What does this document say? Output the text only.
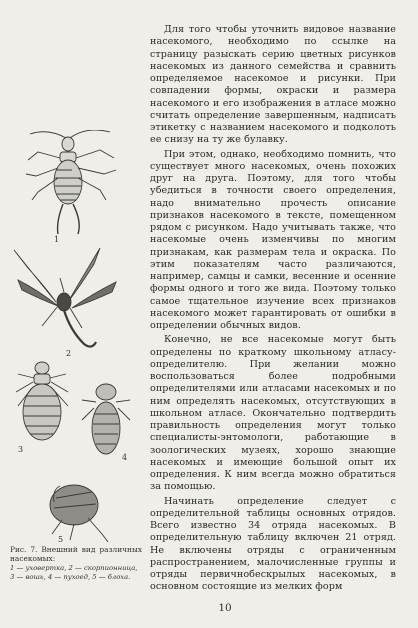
Для того чтобы уточнить видовое название насекомого, необходимо по ссылке на страницу разыскать серию цветных рисунков насекомых из данного семейства и сравнить определяемое насекомое и рисунки. При совпадении формы, окраски и размера насекомого и его изображения в атласе можно считать определение завершенным, надписать этикетку с названием насекомого и подколоть ее снизу на ту же булавку.

При этом, однако, необходимо помнить, что существует много насекомых, очень похожих друг на друга. Поэтому, для того чтобы убедиться в точности своего определения, надо внимательно прочесть описание признаков насекомого в тексте, помещенном рядом с рисунком. Надо учитывать также, что насекомые очень изменчивы по многим признакам, как размерам тела и окраска. По этим показателям часто различаются, например, самцы и самки, весенние и осенние формы одного и того же вида. Поэтому только самое тщательное изучение всех признаков насекомого может гарантировать от ошибки в определении обычных видов.

Конечно, не все насекомые могут быть определены по краткому школьному атласу-определителю. При желании можно воспользоваться более подробными определителями или атласами насекомых и по ним определять насекомых, отсутствующих в школьном атласе. Окончательно подтвердить правильность определения могут только специалисты-энтомологи, работающие в зоологических музеях, хорошо знающие насекомых и имеющие большой опыт их определения. К ним всегда можно обратиться за помощью.

Начинать определение следует с определительной таблицы основных отрядов. Всего известно 34 отряда насекомых. В определительную таблицу включен 21 отряд. Не включены отряды с ограниченным распространением, малочисленные группы и отряды первичнобескрылых насекомых, в основном состоящие из мелких форм

1
2
3
4
5
Рис. 7. Внешний вид различных насекомых:
1 — уховертка, 2 — скорпионница, 3 — вошь, 4 — пухоед, 5 — блоха.
10
